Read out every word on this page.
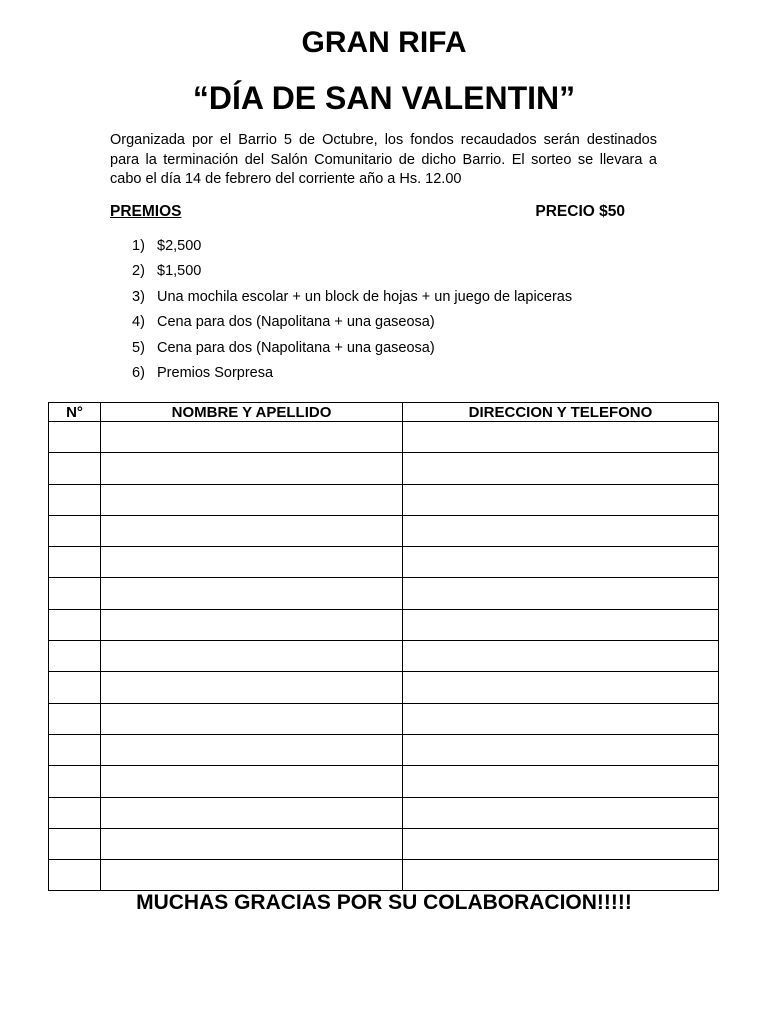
GRAN RIFA
“DÍA DE SAN VALENTIN”

Organizada por el Barrio 5 de Octubre, los fondos recaudados serán destinados para la terminación del Salón Comunitario de dicho Barrio. El sorteo se llevara a cabo el día 14 de febrero del corriente año a Hs. 12.00

PREMIOS	PRECIO $50
1) $2,500
2) $1,500
3) Una mochila escolar + un block de hojas + un juego de lapiceras
4) Cena para dos (Napolitana + una gaseosa)
5) Cena para dos (Napolitana + una gaseosa)
6) Premios Sorpresa
N°	NOMBRE Y APELLIDO	DIRECCION Y TELEFONO

MUCHAS GRACIAS POR SU COLABORACION!!!!!
